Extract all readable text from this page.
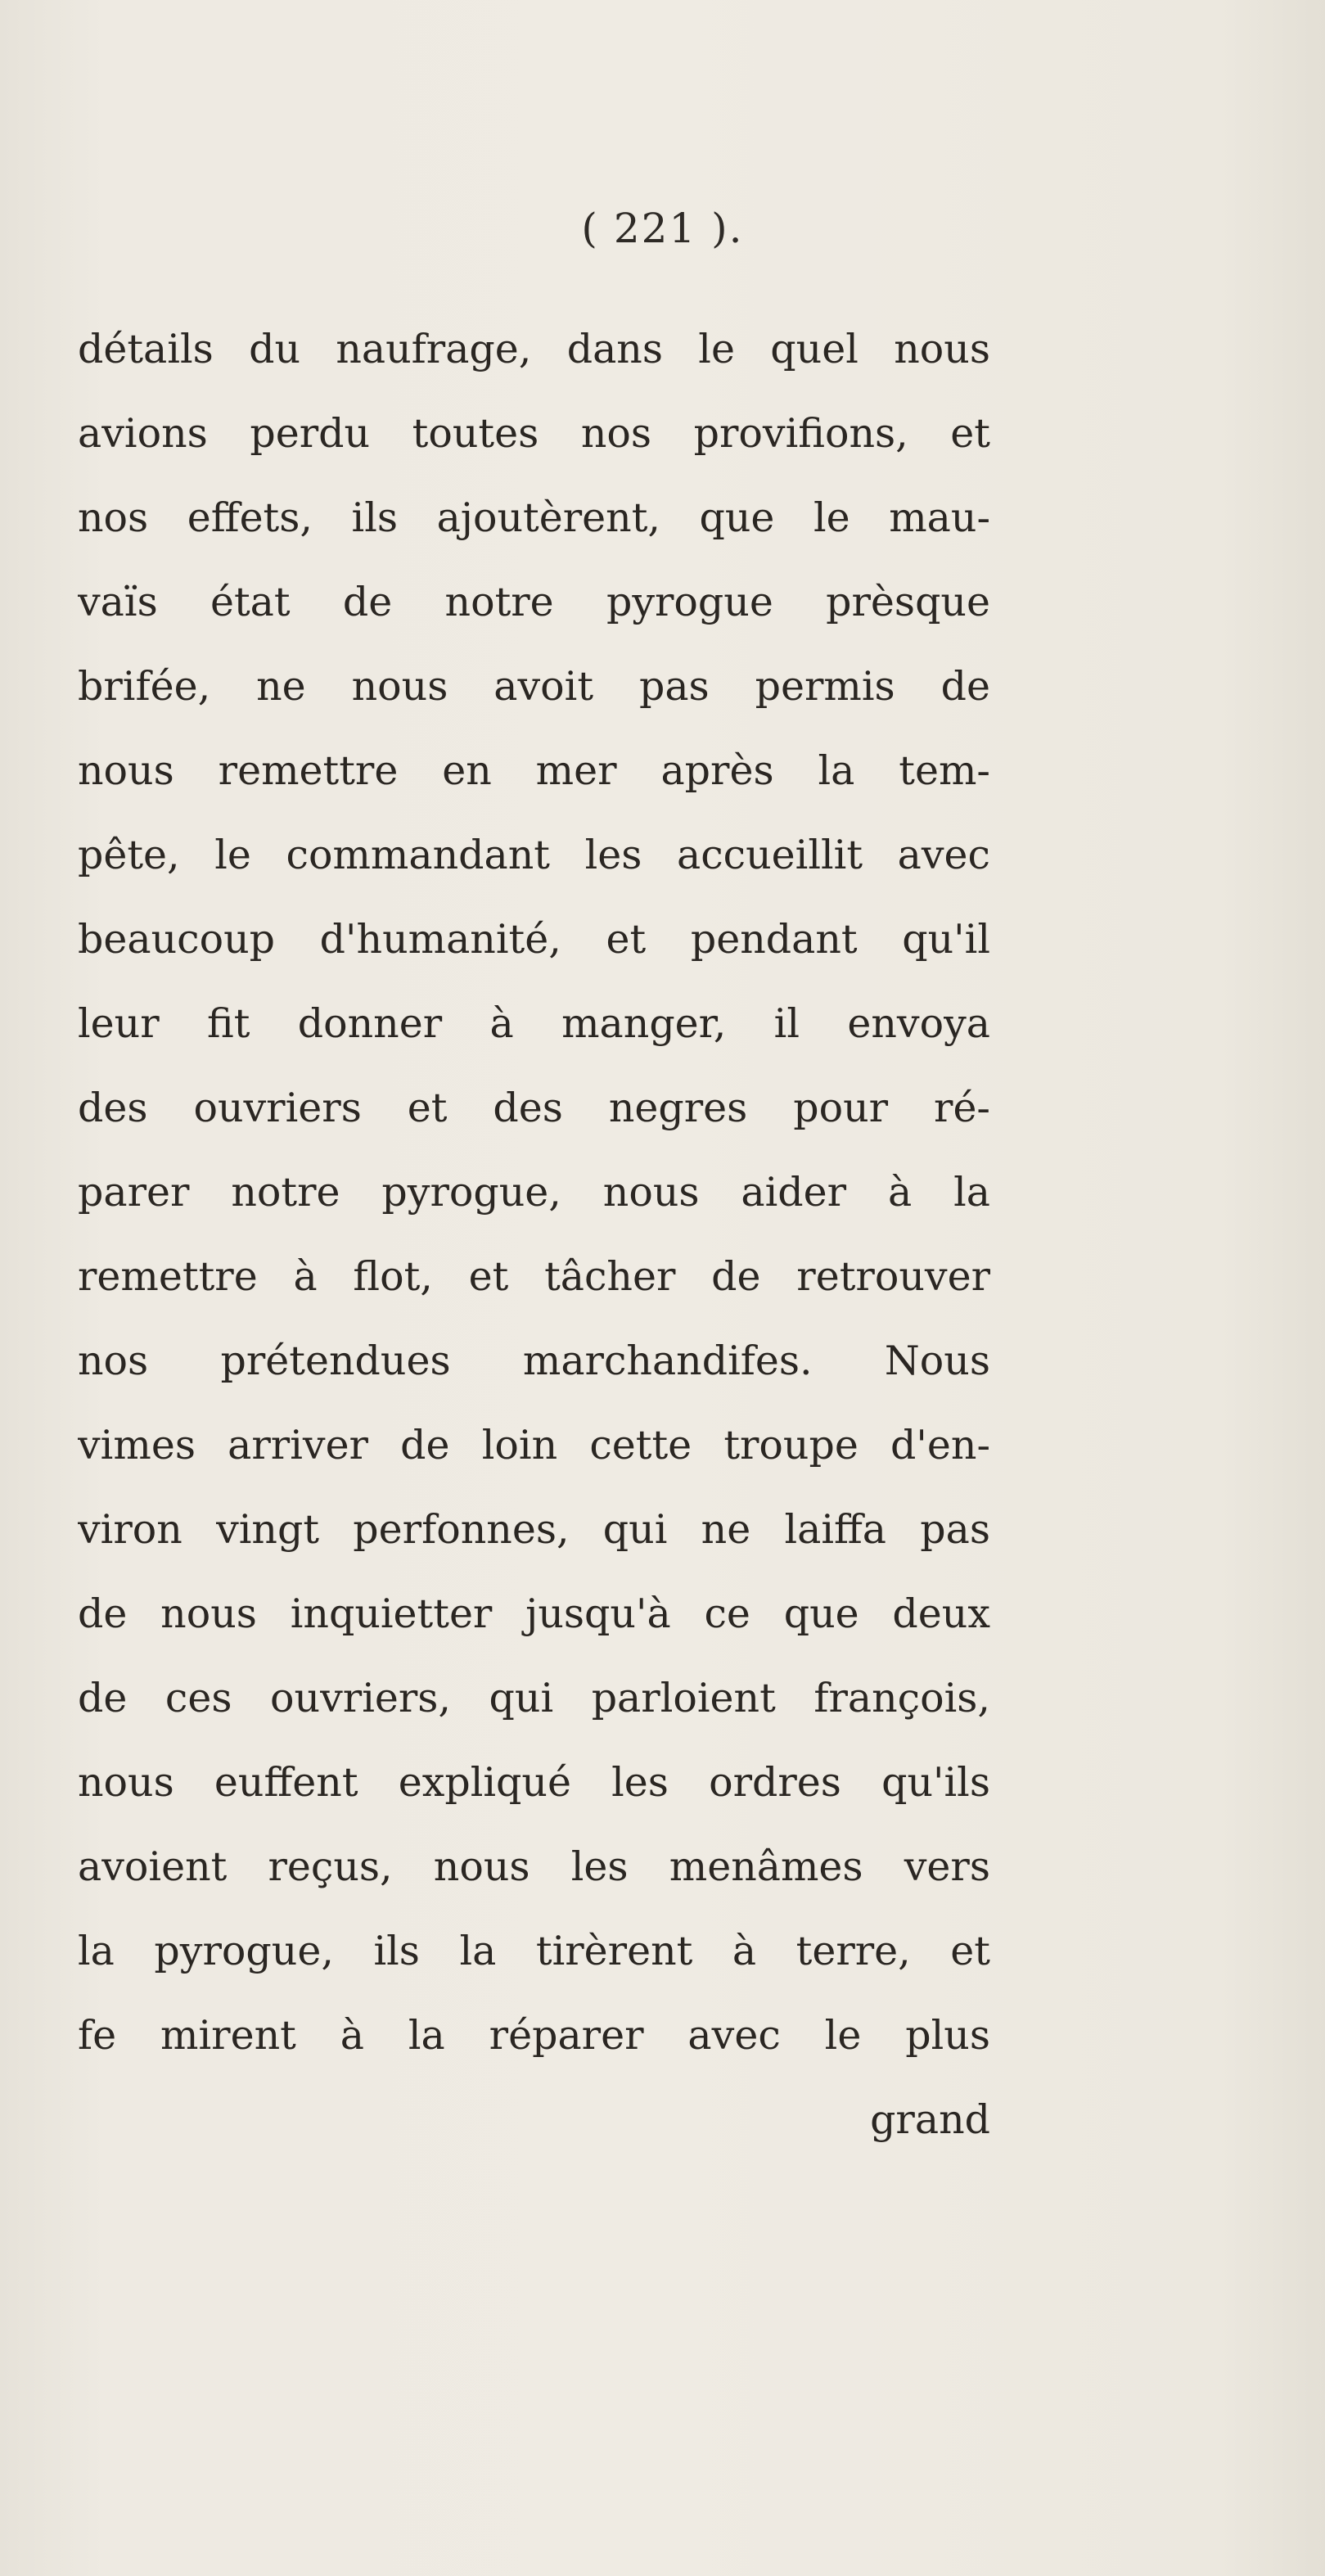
( 221 ).
détails du naufrage, dans le quel nous
avions perdu toutes nos provifions, et
nos effets, ils ajoutèrent, que le mau-
vaïs état de notre pyrogue prèsque
brifée, ne nous avoit pas permis de
nous remettre en mer après la tem-
pête, le commandant les accueillit avec
beaucoup d'humanité, et pendant qu'il
leur fit donner à manger, il envoya
des ouvriers et des negres pour ré-
parer notre pyrogue, nous aider à la
remettre à flot, et tâcher de retrouver
nos prétendues marchandifes. Nous
vimes arriver de loin cette troupe d'en-
viron vingt perfonnes, qui ne laiffa pas
de nous inquietter jusqu'à ce que deux
de ces ouvriers, qui parloient françois,
nous euffent expliqué les ordres qu'ils
avoient reçus, nous les menâmes vers
la pyrogue, ils la tirèrent à terre, et
fe mirent à la réparer avec le plus
grand
